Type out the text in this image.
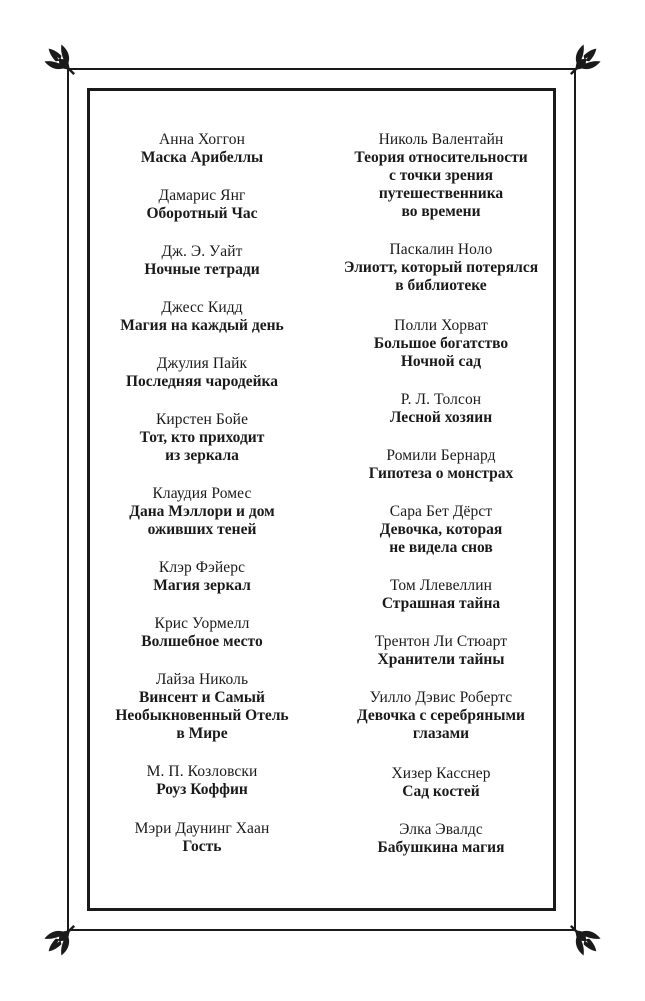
Анна Хоггон
Маска Арибеллы
Дамарис Янг
Оборотный Час
Дж. Э. Уайт
Ночные тетради
Джесс Кидд
Магия на каждый день
Джулия Пайк
Последняя чародейка
Кирстен Бойе
Тот, кто приходит
из зеркала
Клаудия Ромес
Дана Мэллори и дом
оживших теней
Клэр Фэйерс
Магия зеркал
Крис Уормелл
Волшебное место
Лайза Николь
Винсент и Самый
Необыкновенный Отель
в Мире
М. П. Козловски
Роуз Коффин
Мэри Даунинг Хаан
Гость
Николь Валентайн
Теория относительности
с точки зрения
путешественника
во времени
Паскалин Ноло
Элиотт, который потерялся
в библиотеке
Полли Хорват
Большое богатство
Ночной сад
Р. Л. Толсон
Лесной хозяин
Ромили Бернард
Гипотеза о монстрах
Сара Бет Дёрст
Девочка, которая
не видела снов
Том Ллевеллин
Страшная тайна
Трентон Ли Стюарт
Хранители тайны
Уилло Дэвис Робертс
Девочка с серебряными
глазами
Хизер Касснер
Сад костей
Элка Эвалдс
Бабушкина магия
